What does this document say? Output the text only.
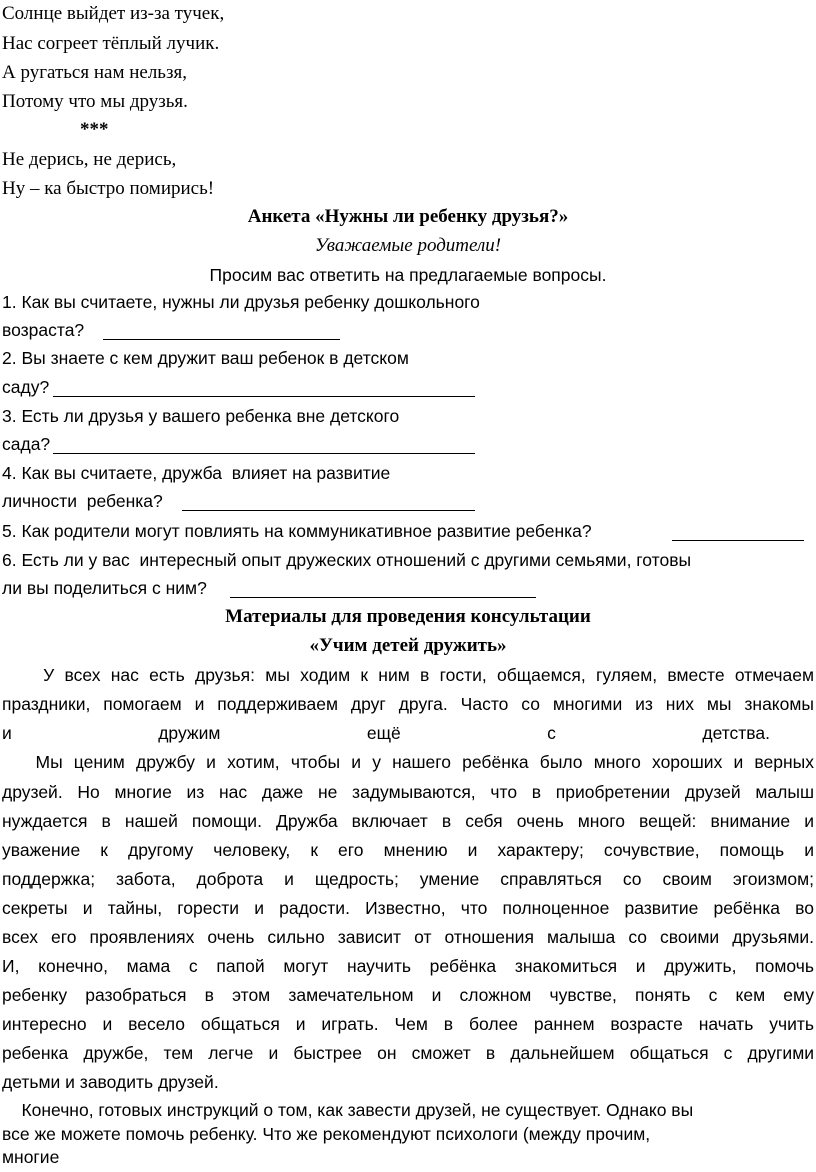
Солнце выйдет из-за тучек,
Нас согреет тёплый лучик.
А ругаться нам нельзя,
Потому что мы друзья.
***
Не дерись, не дерись,
Ну – ка быстро помирись!
Анкета «Нужны ли ребенку друзья?»
Уважаемые родители!
Просим вас ответить на предлагаемые вопросы.
1. Как вы считаете, нужны ли друзья ребенку дошкольного
возраста?
2. Вы знаете с кем дружит ваш ребенок в детском
саду?
3. Есть ли друзья у вашего ребенка вне детского
сада?
4. Как вы считаете, дружба  влияет на развитие
личности  ребенка?
5. Как родители могут повлиять на коммуникативное развитие ребенка?
6. Есть ли у вас  интересный опыт дружеских отношений с другими семьями, готовы
ли вы поделиться с ним?
Материалы для проведения консультации
«Учим детей дружить»
У всех нас есть друзья: мы ходим к ним в гости, общаемся, гуляем, вместе отмечаем
праздники, помогаем и поддерживаем друг друга. Часто со многими из них мы знакомы
и дружим ещё с детства.
Мы ценим дружбу и хотим, чтобы и у нашего ребёнка было много хороших и верных
друзей. Но многие из нас даже не задумываются, что в приобретении друзей малыш
нуждается в нашей помощи. Дружба включает в себя очень много вещей: внимание и
уважение к другому человеку, к его мнению и характеру; сочувствие, помощь и
поддержка; забота, доброта и щедрость; умение справляться со своим эгоизмом;
секреты и тайны, горести и радости. Известно, что полноценное развитие ребёнка во
всех его проявлениях очень сильно зависит от отношения малыша со своими друзьями.
И, конечно, мама с папой могут научить ребёнка знакомиться и дружить, помочь
ребенку разобраться в этом замечательном и сложном чувстве, понять с кем ему
интересно и весело общаться и играть. Чем в более раннем возрасте начать учить
ребенка дружбе, тем легче и быстрее он сможет в дальнейшем общаться с другими
детьми и заводить друзей.
Конечно, готовых инструкций о том, как завести друзей, не существует. Однако вы
все же можете помочь ребенку. Что же рекомендуют психологи (между прочим,
многие
